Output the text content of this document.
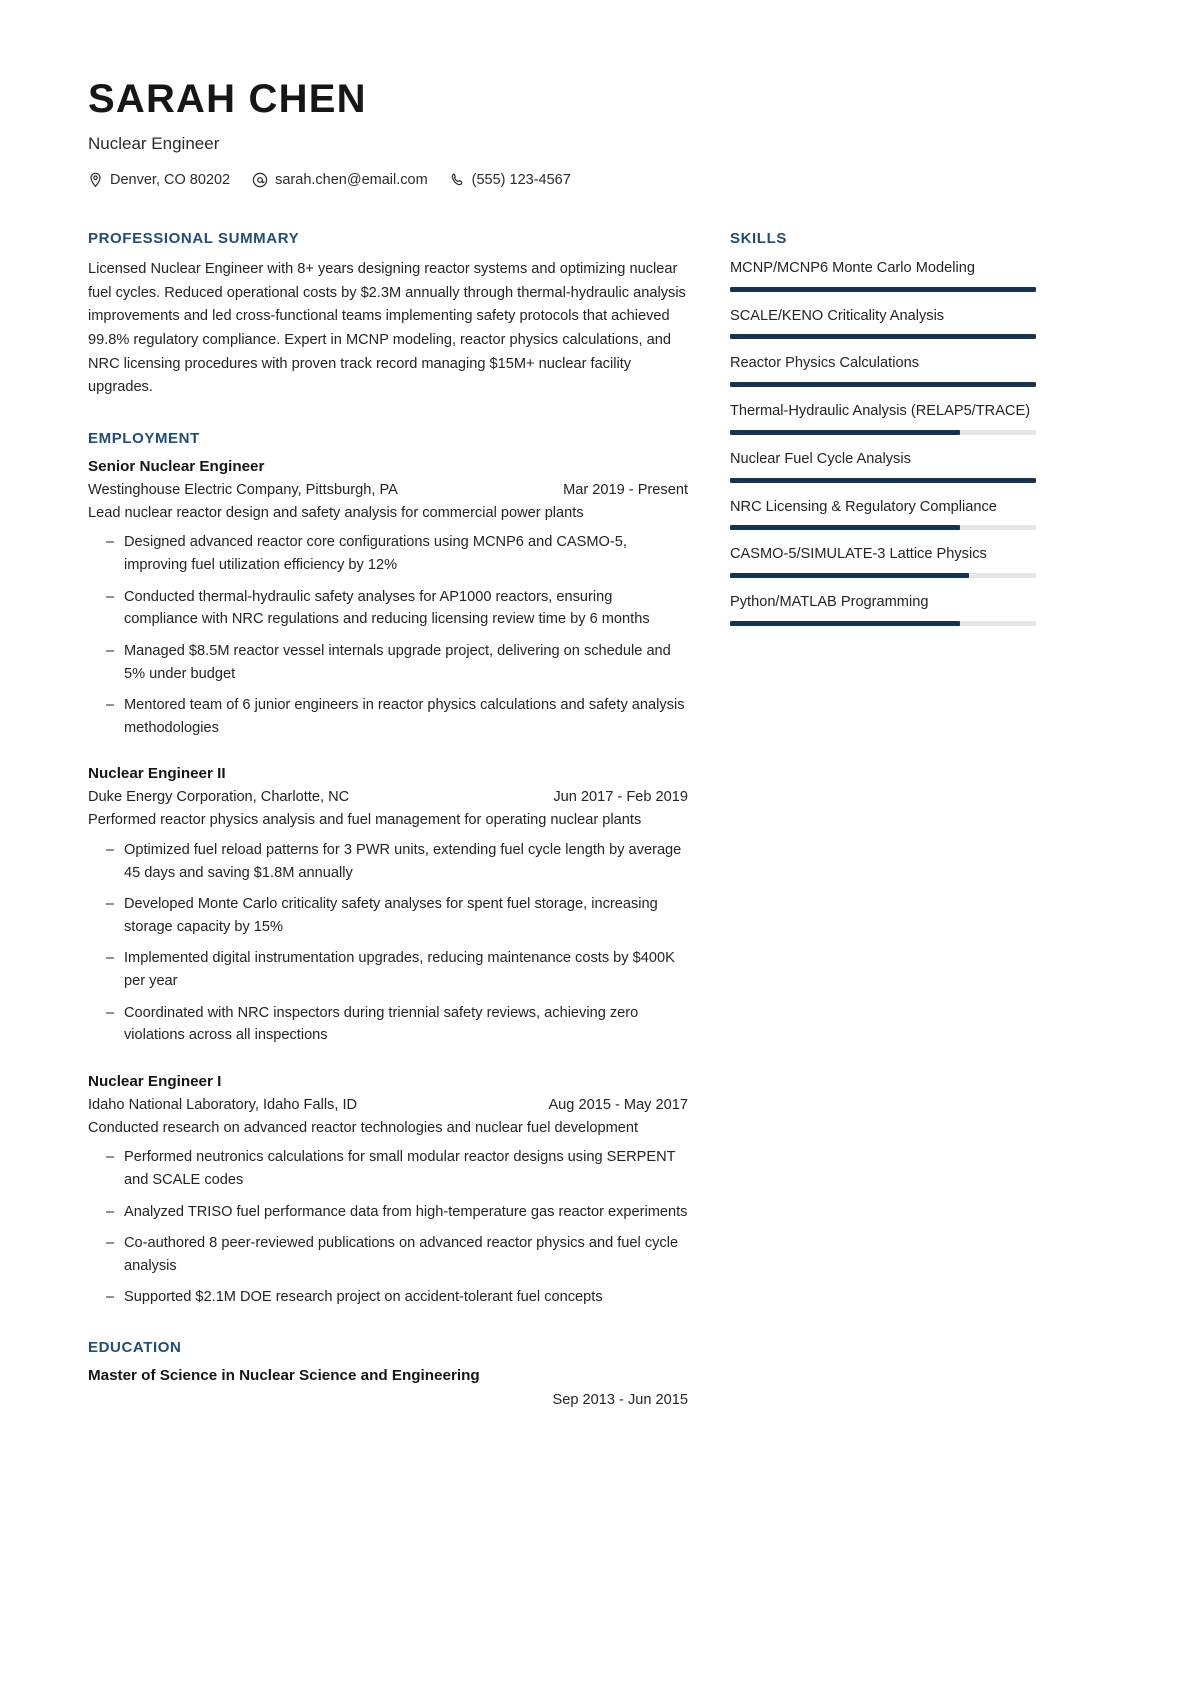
SARAH CHEN
Nuclear Engineer
Denver, CO 80202	sarah.chen@email.com	(555) 123-4567
PROFESSIONAL SUMMARY

Licensed Nuclear Engineer with 8+ years designing reactor systems and optimizing nuclear fuel cycles. Reduced operational costs by $2.3M annually through thermal-hydraulic analysis improvements and led cross-functional teams implementing safety protocols that achieved 99.8% regulatory compliance. Expert in MCNP modeling, reactor physics calculations, and NRC licensing procedures with proven track record managing $15M+ nuclear facility upgrades.

EMPLOYMENT
Senior Nuclear Engineer
Westinghouse Electric Company, Pittsburgh, PA	Mar 2019 - Present

Lead nuclear reactor design and safety analysis for commercial power plants

– Designed advanced reactor core configurations using MCNP6 and CASMO-5, improving fuel utilization efficiency by 12%
– Conducted thermal-hydraulic safety analyses for AP1000 reactors, ensuring compliance with NRC regulations and reducing licensing review time by 6 months
– Managed $8.5M reactor vessel internals upgrade project, delivering on schedule and 5% under budget
– Mentored team of 6 junior engineers in reactor physics calculations and safety analysis methodologies
Nuclear Engineer II
Duke Energy Corporation, Charlotte, NC	Jun 2017 - Feb 2019

Performed reactor physics analysis and fuel management for operating nuclear plants

– Optimized fuel reload patterns for 3 PWR units, extending fuel cycle length by average 45 days and saving $1.8M annually
– Developed Monte Carlo criticality safety analyses for spent fuel storage, increasing storage capacity by 15%
– Implemented digital instrumentation upgrades, reducing maintenance costs by $400K per year
– Coordinated with NRC inspectors during triennial safety reviews, achieving zero violations across all inspections
Nuclear Engineer I
Idaho National Laboratory, Idaho Falls, ID	Aug 2015 - May 2017

Conducted research on advanced reactor technologies and nuclear fuel development

– Performed neutronics calculations for small modular reactor designs using SERPENT and SCALE codes
– Analyzed TRISO fuel performance data from high-temperature gas reactor experiments
– Co-authored 8 peer-reviewed publications on advanced reactor physics and fuel cycle analysis
– Supported $2.1M DOE research project on accident-tolerant fuel concepts
EDUCATION
Master of Science in Nuclear Science and Engineering
Sep 2013 - Jun 2015
SKILLS
MCNP/MCNP6 Monte Carlo Modeling
SCALE/KENO Criticality Analysis
Reactor Physics Calculations
Thermal-Hydraulic Analysis (RELAP5/TRACE)
Nuclear Fuel Cycle Analysis
NRC Licensing & Regulatory Compliance
CASMO-5/SIMULATE-3 Lattice Physics
Python/MATLAB Programming
